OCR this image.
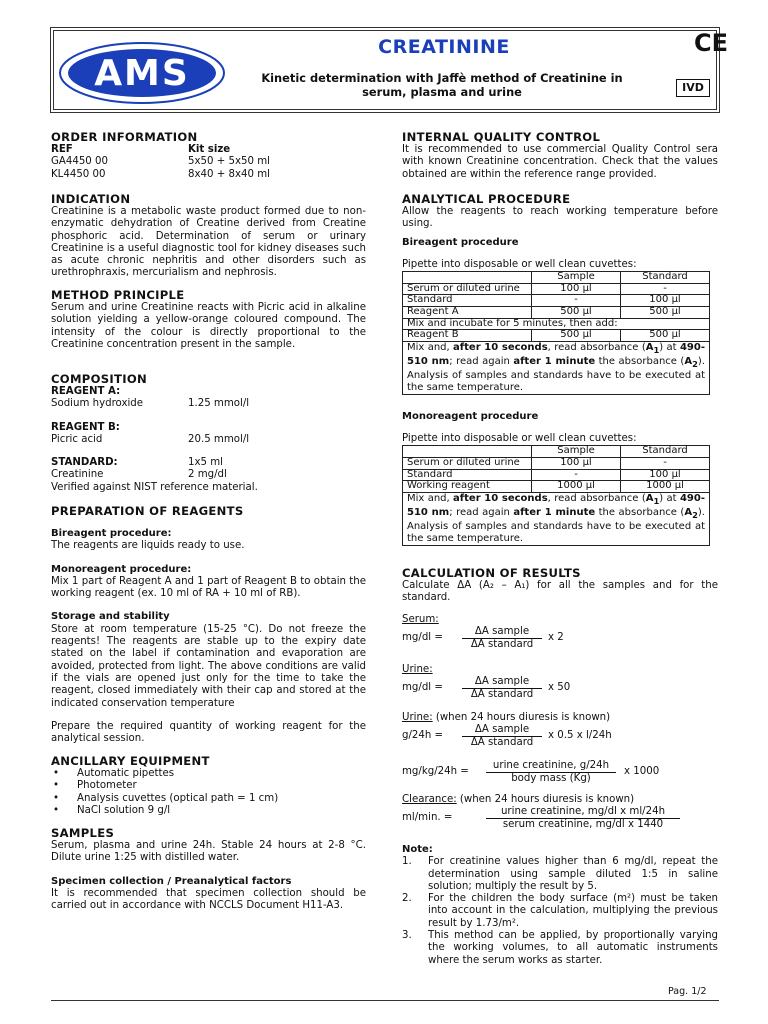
AMS
CREATININE
Kinetic determination with Jaffè method of Creatinine in
serum, plasma and urine
CE
IVD
ORDER INFORMATION
REF	Kit size
GA4450 00	5x50 + 5x50 ml
KL4450 00	8x40 + 8x40 ml
INDICATION

Creatinine is a metabolic waste product formed due to non-enzymatic dehydration of Creatine derived from Creatine phosphoric acid. Determination of serum or urinary Creatinine is a useful diagnostic tool for kidney diseases such as acute chronic nephritis and other disorders such as urethrophraxis, mercurialism and nephrosis.

METHOD PRINCIPLE

Serum and urine Creatinine reacts with Picric acid in alkaline solution yielding a yellow-orange coloured compound. The intensity of the colour is directly proportional to the Creatinine concentration present in the sample.

COMPOSITION
REAGENT A:
Sodium hydroxide	1.25 mmol/l
REAGENT B:
Picric acid	20.5 mmol/l
STANDARD:	1x5 ml
Creatinine	2 mg/dl
Verified against NIST reference material.
PREPARATION OF REAGENTS
Bireagent procedure:

The reagents are liquids ready to use.

Monoreagent procedure:

Mix 1 part of Reagent A and 1 part of Reagent B to obtain the working reagent (ex. 10 ml of RA + 10 ml of RB).

Storage and stability

Store at room temperature (15-25 °C). Do not freeze the reagents! The reagents are stable up to the expiry date stated on the label if contamination and evaporation are avoided, protected from light. The above conditions are valid if the vials are opened just only for the time to take the reagent, closed immediately with their cap and stored at the indicated conservation temperature

Prepare the required quantity of working reagent for the analytical session.

ANCILLARY EQUIPMENT
• Automatic pipettes
• Photometer
• Analysis cuvettes (optical path = 1 cm)
• NaCl solution 9 g/l
SAMPLES

Serum, plasma and urine 24h. Stable 24 hours at 2-8 °C. Dilute urine 1:25 with distilled water.

Specimen collection / Preanalytical factors

It is recommended that specimen collection should be carried out in accordance with NCCLS Document H11-A3.

INTERNAL QUALITY CONTROL

It is recommended to use commercial Quality Control sera with known Creatinine concentration. Check that the values obtained are within the reference range provided.

ANALYTICAL PROCEDURE

Allow the reagents to reach working temperature before using.

Bireagent procedure
Pipette into disposable or well clean cuvettes:
	Sample	Standard
Serum or diluted urine	100 µl	-
Standard	-	100 µl
Reagent A	500 µl	500 µl
Mix and incubate for 5 minutes, then add:		
Reagent B	500 µl	500 µl
Mix and, after 10 seconds, read absorbance $(A_1)$ at 490-510 nm; read again after 1 minute the absorbance $(A_2)$. Analysis of samples and standards have to be executed at the same temperature.		
Monoreagent procedure
Pipette into disposable or well clean cuvettes:
	Sample	Standard
Serum or diluted urine	100 µl	-
Standard	-	100 µl
Working reagent	1000 µl	1000 µl
Mix and, after 10 seconds, read absorbance $(A_1)$ at 490-510 nm; read again after 1 minute the absorbance $(A_2)$. Analysis of samples and standards have to be executed at the same temperature.		
CALCULATION OF RESULTS

Calculate ΔA (A₂ – A₁) for all the samples and for the standard.

Serum:
mg/dl =
ΔA sample
ΔA standard
x 2
Urine:
mg/dl =
ΔA sample
ΔA standard
x 50
Urine: (when 24 hours diuresis is known)
g/24h =
ΔA sample
ΔA standard
x 0.5 x l/24h
mg/kg/24h =
urine creatinine, g/24h
body mass (Kg)
x 1000
Clearance: (when 24 hours diuresis is known)
ml/min. =
urine creatinine, mg/dl x ml/24h
serum creatinine, mg/dl x 1440
Note:
1. For creatinine values higher than 6 mg/dl, repeat the determination using sample diluted 1:5 in saline solution; multiply the result by 5.
2. For the children the body surface (m²) must be taken into account in the calculation, multiplying the previous result by 1.73/m².
3. This method can be applied, by proportionally varying the working volumes, to all automatic instruments where the serum works as starter.
Pag. 1/2
